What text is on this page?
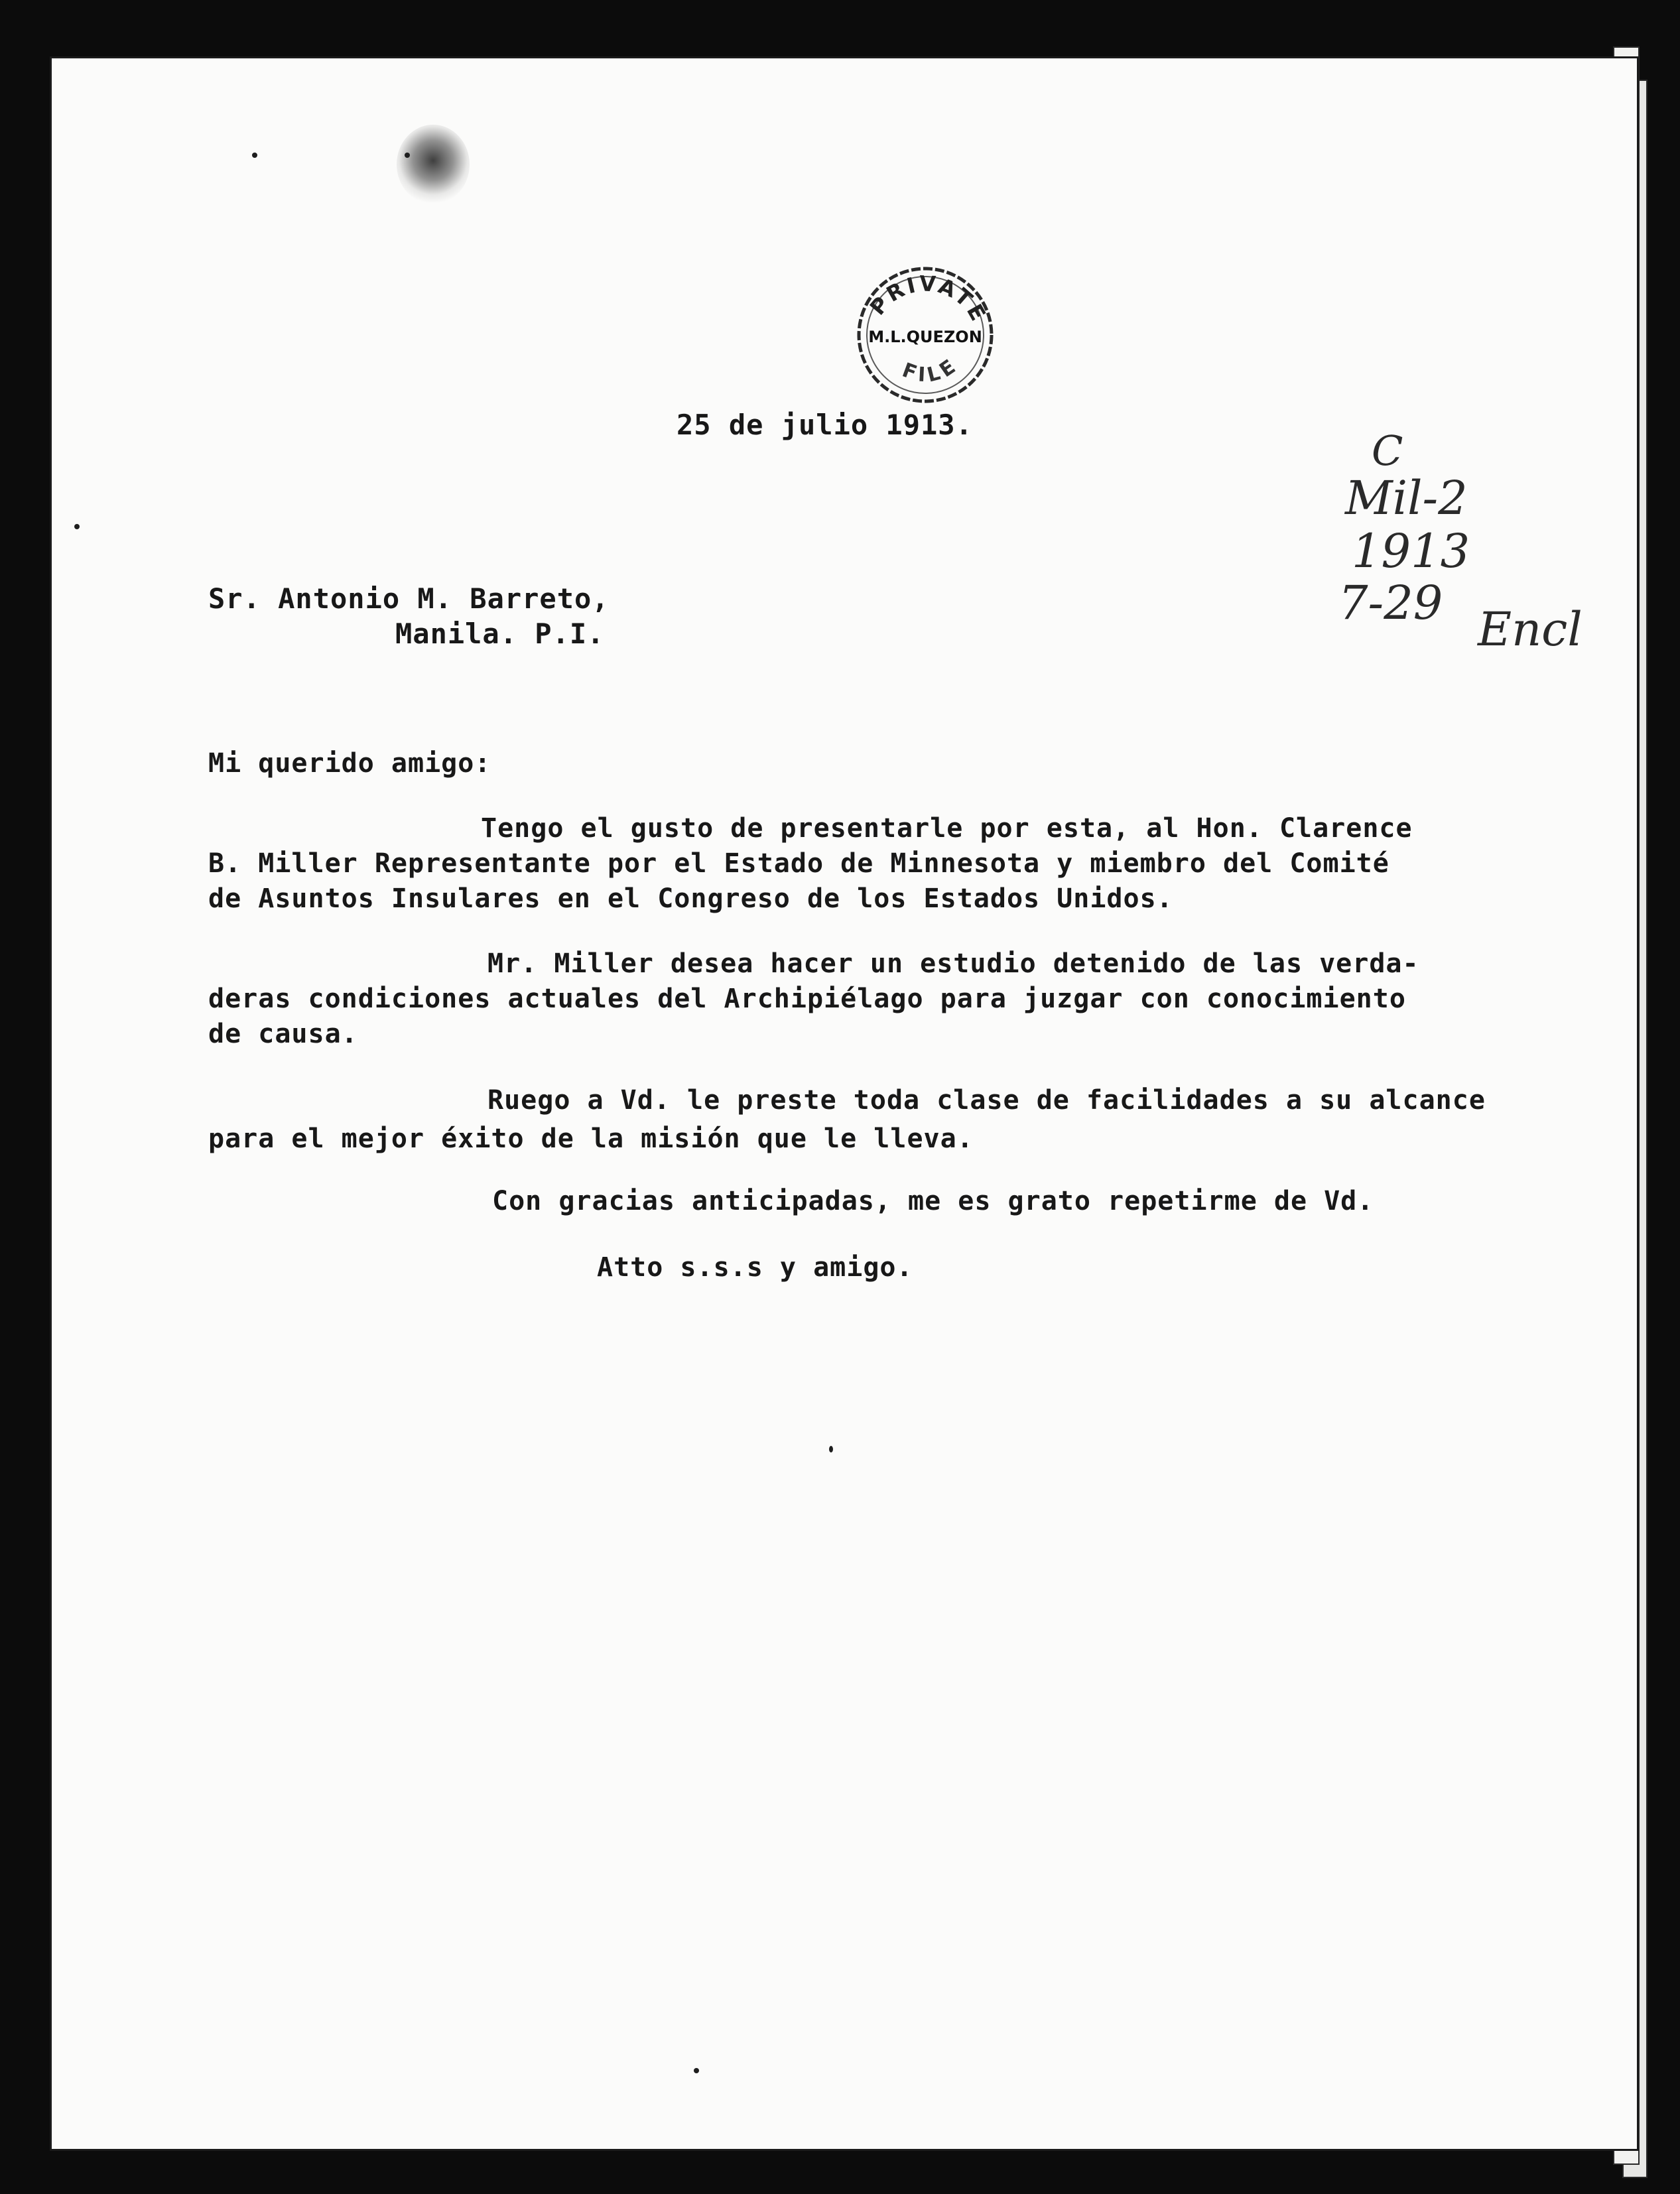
PRIVATE
M.L.QUEZON
FILE
25 de julio 1913.
Sr. Antonio M. Barreto,
Manila. P.I.
Mi querido amigo:
Tengo el gusto de presentarle por esta, al Hon. Clarence
B. Miller Representante por el Estado de Minnesota y miembro del Comité
de Asuntos Insulares en el Congreso de los Estados Unidos.
Mr. Miller desea hacer un estudio detenido de las verda-
deras condiciones actuales del Archipiélago para juzgar con conocimiento
de causa.
Ruego a Vd. le preste toda clase de facilidades a su alcance
para el mejor éxito de la misión que le lleva.
Con gracias anticipadas, me es grato repetirme de Vd.
Atto s.s.s y amigo.
C
Mil-2
1913
7-29 Encl
